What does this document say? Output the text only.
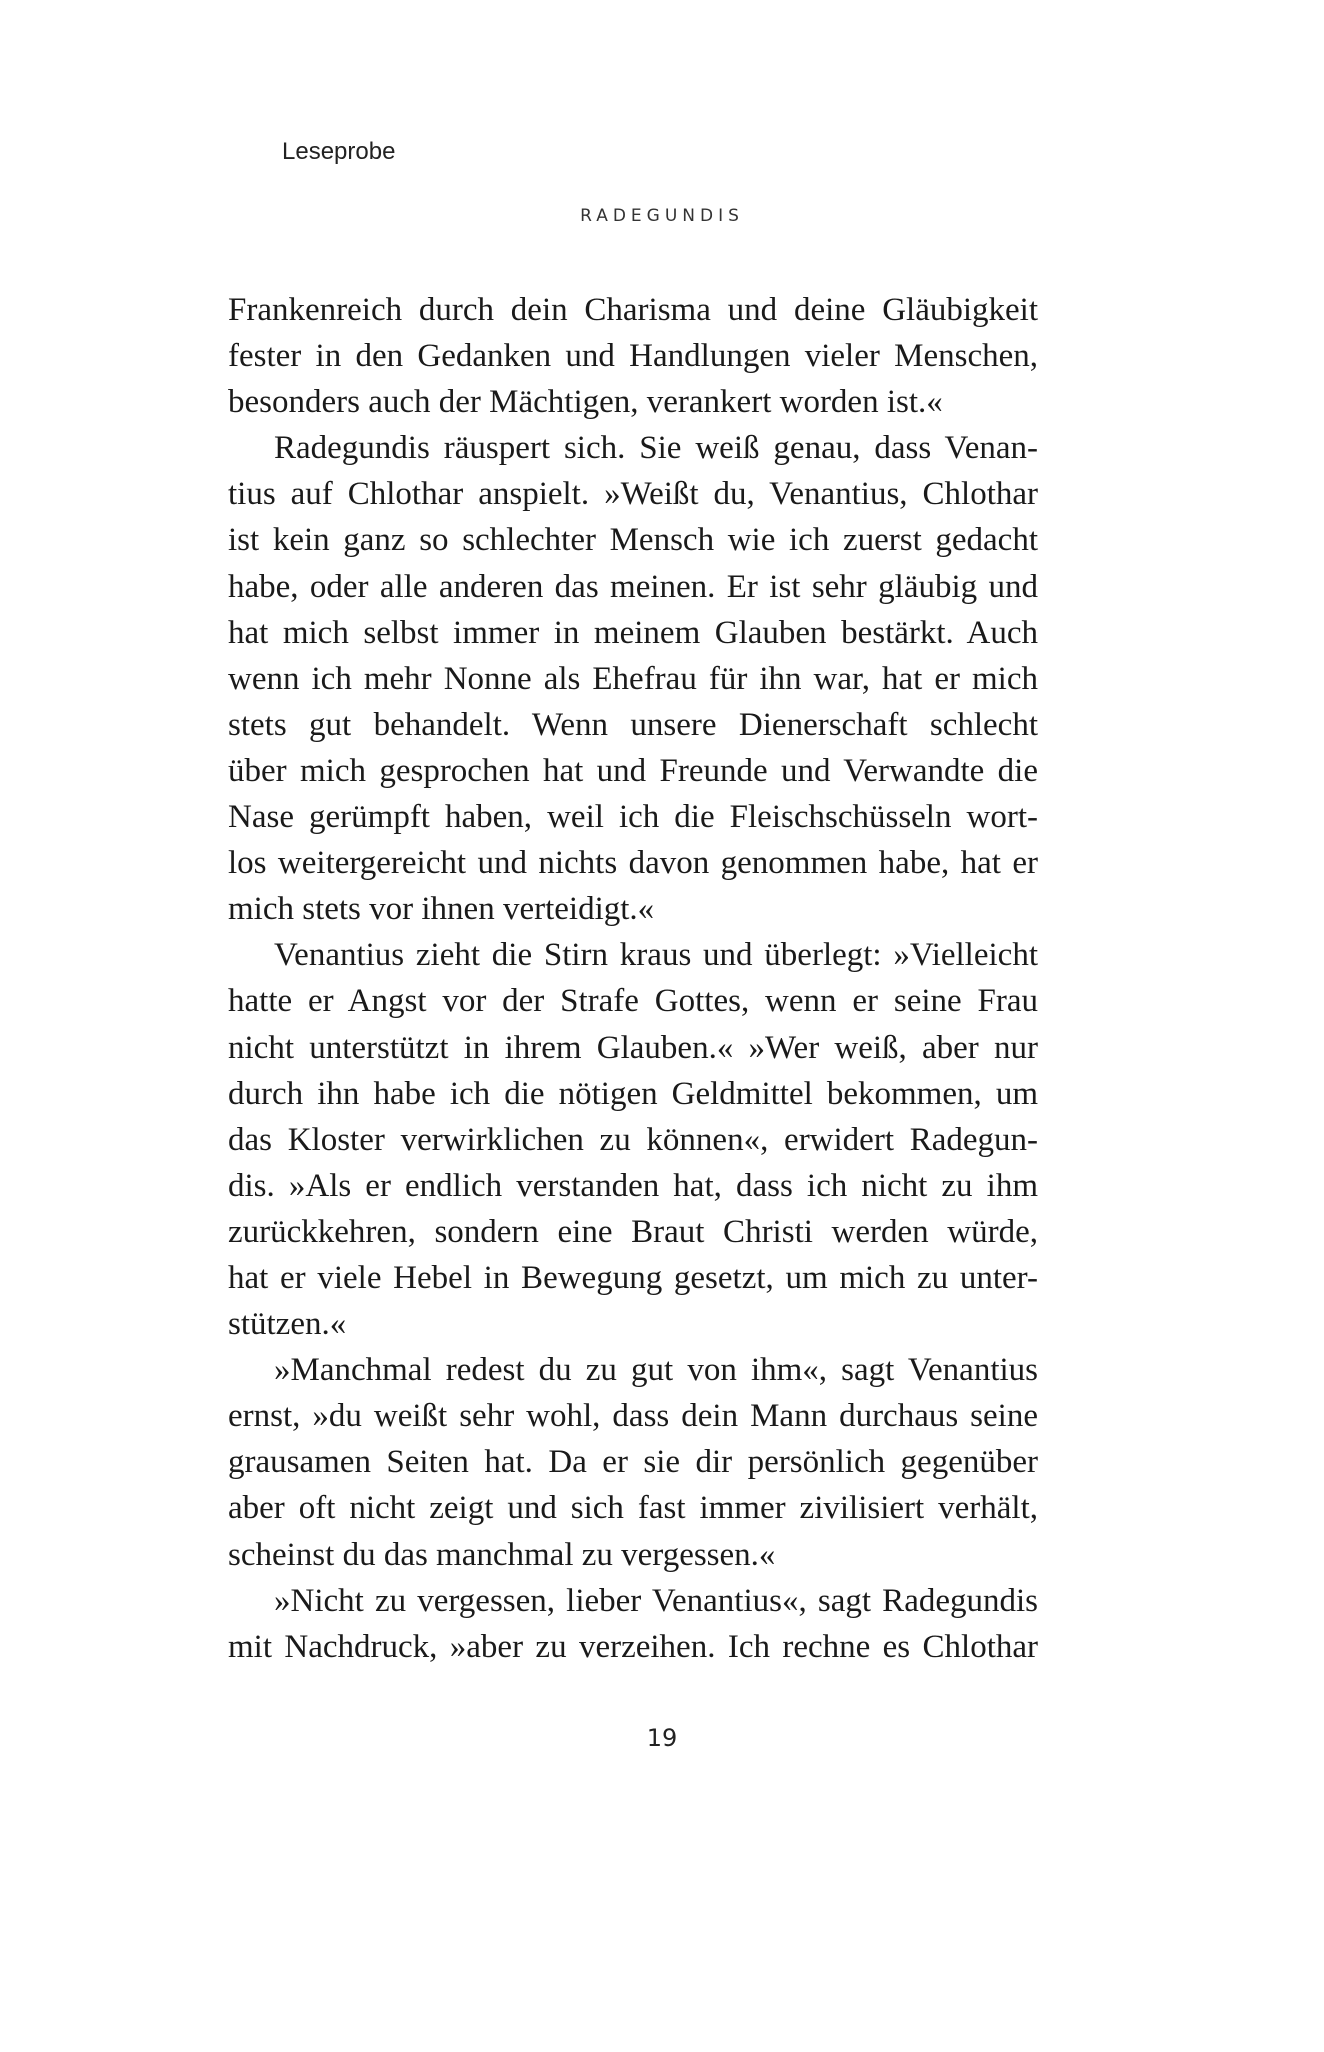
Leseprobe
RADEGUNDIS
Frankenreich durch dein Charisma und deine Gläubigkeit
fester in den Gedanken und Handlungen vieler Menschen,
besonders auch der Mächtigen, verankert worden ist.«
Radegundis räuspert sich. Sie weiß genau, dass Venan-
tius auf Chlothar anspielt. »Weißt du, Venantius, Chlothar
ist kein ganz so schlechter Mensch wie ich zuerst gedacht
habe, oder alle anderen das meinen. Er ist sehr gläubig und
hat mich selbst immer in meinem Glauben bestärkt. Auch
wenn ich mehr Nonne als Ehefrau für ihn war, hat er mich
stets gut behandelt. Wenn unsere Dienerschaft schlecht
über mich gesprochen hat und Freunde und Verwandte die
Nase gerümpft haben, weil ich die Fleischschüsseln wort-
los weitergereicht und nichts davon genommen habe, hat er
mich stets vor ihnen verteidigt.«
Venantius zieht die Stirn kraus und überlegt: »Vielleicht
hatte er Angst vor der Strafe Gottes, wenn er seine Frau
nicht unterstützt in ihrem Glauben.« »Wer weiß, aber nur
durch ihn habe ich die nötigen Geldmittel bekommen, um
das Kloster verwirklichen zu können«, erwidert Radegun-
dis. »Als er endlich verstanden hat, dass ich nicht zu ihm
zurückkehren, sondern eine Braut Christi werden würde,
hat er viele Hebel in Bewegung gesetzt, um mich zu unter-
stützen.«
»Manchmal redest du zu gut von ihm«, sagt Venantius
ernst, »du weißt sehr wohl, dass dein Mann durchaus seine
grausamen Seiten hat. Da er sie dir persönlich gegenüber
aber oft nicht zeigt und sich fast immer zivilisiert verhält,
scheinst du das manchmal zu vergessen.«
»Nicht zu vergessen, lieber Venantius«, sagt Radegundis
mit Nachdruck, »aber zu verzeihen. Ich rechne es Chlothar
19
